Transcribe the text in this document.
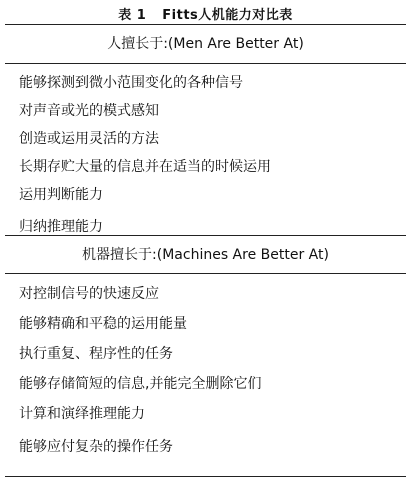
表 1 Fitts人机能力对比表
人擅长于:(Men Are Better At)
能够探测到微小范围变化的各种信号
对声音或光的模式感知
创造或运用灵活的方法
长期存贮大量的信息并在适当的时候运用
运用判断能力
归纳推理能力
机器擅长于:(Machines Are Better At)
对控制信号的快速反应
能够精确和平稳的运用能量
执行重复、程序性的任务
能够存储简短的信息,并能完全删除它们
计算和演绎推理能力
能够应付复杂的操作任务
